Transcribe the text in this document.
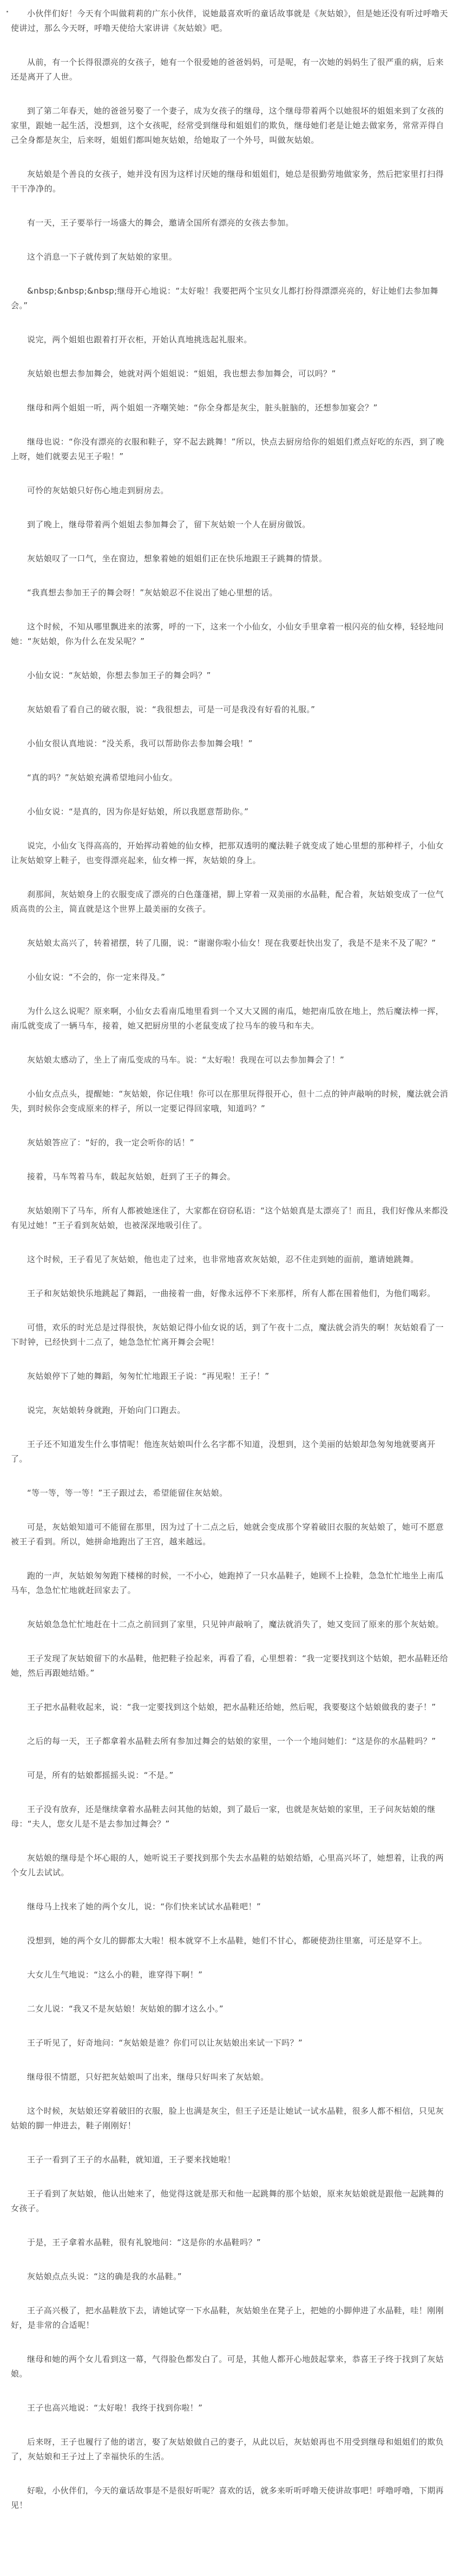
小伙伴们好！今天有个叫做莉莉的广东小伙伴，说她最喜欢听的童话故事就是《灰姑娘》，但是她还没有听过呼噜天使讲过，那么今天呀，呼噜天使给大家讲讲《灰姑娘》吧。

从前，有一个长得很漂亮的女孩子，她有一个很爱她的爸爸妈妈，可是呢，有一次她的妈妈生了很严重的病，后来还是离开了人世。

到了第二年春天，她的爸爸另娶了一个妻子，成为女孩子的继母，这个继母带着两个以她很坏的姐姐来到了女孩的家里，跟她一起生活，没想到，这个女孩呢，经常受到继母和姐姐们的欺负，继母她们老是让她去做家务，常常弄得自己全身都是灰尘，后来呀，姐姐们都叫她灰姑娘，给她取了一个外号，叫做灰姑娘。

灰姑娘是个善良的女孩子，她并没有因为这样讨厌她的继母和姐姐们，她总是很勤劳地做家务，然后把家里打扫得干干净净的。

有一天，王子要举行一场盛大的舞会，邀请全国所有漂亮的女孩去参加。

这个消息一下子就传到了灰姑娘的家里。

&nbsp;&nbsp;&nbsp;继母开心地说：“太好啦！我要把两个宝贝女儿都打扮得漂漂亮亮的，好让她们去参加舞会。”

说完，两个姐姐也跟着打开衣柜，开始认真地挑选起礼服来。

灰姑娘也想去参加舞会，她就对两个姐姐说：“姐姐，我也想去参加舞会，可以吗？”

继母和两个姐姐一听，两个姐姐一齐嘲笑她：“你全身都是灰尘，脏头脏脑的，还想参加宴会？”

继母也说：“你没有漂亮的衣服和鞋子，穿不起去跳舞！”所以，快点去厨房给你的姐姐们煮点好吃的东西，到了晚上呀，她们就要去见王子啦！”

可怜的灰姑娘只好伤心地走到厨房去。

到了晚上，继母带着两个姐姐去参加舞会了，留下灰姑娘一个人在厨房做饭。

灰姑娘叹了一口气，坐在窗边，想象着她的姐姐们正在快乐地跟王子跳舞的情景。

“我真想去参加王子的舞会呀！”灰姑娘忍不住说出了她心里想的话。

这个时候，不知从哪里飘进来的浓雾，呼的一下，这来一个小仙女，小仙女手里拿着一根闪亮的仙女棒，轻轻地问她：“灰姑娘，你为什么在发呆呢？”

小仙女说：“灰姑娘，你想去参加王子的舞会吗？”

灰姑娘看了看自己的破衣服，说：“我很想去，可是一可是我没有好看的礼服。”

小仙女很认真地说：“没关系，我可以帮助你去参加舞会哦！”

“真的吗？”灰姑娘充满希望地问小仙女。

小仙女说：“是真的，因为你是好姑娘，所以我愿意帮助你。”

说完，小仙女飞得高高的，开始挥动着她的仙女棒，把那双透明的魔法鞋子就变成了她心里想的那种样子，小仙女让灰姑娘穿上鞋子，也变得漂亮起来，仙女棒一挥，灰姑娘的身上。

刹那间，灰姑娘身上的衣服变成了漂亮的白色蓬蓬裙，脚上穿着一双美丽的水晶鞋，配合着，灰姑娘变成了一位气质高贵的公主，简直就是这个世界上最美丽的女孩子。

灰姑娘太高兴了，转着裙摆，转了几圈，说：“谢谢你啦小仙女！现在我要赶快出发了，我是不是来不及了呢？”

小仙女说：“不会的，你一定来得及。”

为什么这么说呢？原来啊，小仙女去看南瓜地里看到一个又大又圆的南瓜，她把南瓜放在地上，然后魔法棒一挥，南瓜就变成了一辆马车，接着，她又把厨房里的小老鼠变成了拉马车的骏马和车夫。

灰姑娘太感动了，坐上了南瓜变成的马车。说：“太好啦！我现在可以去参加舞会了！”

小仙女点点头，提醒她：“灰姑娘，你记住哦！你可以在那里玩得很开心，但十二点的钟声敲响的时候，魔法就会消失，到时候你会变成原来的样子，所以一定要记得回家哦，知道吗？”

灰姑娘答应了：“好的，我一定会听你的话！”

接着，马车驾着马车，载起灰姑娘，赶到了王子的舞会。

灰姑娘刚下了马车，所有人都被她迷住了，大家都在窃窃私语：“这个姑娘真是太漂亮了！而且，我们好像从来都没有见过她！”王子看到灰姑娘，也被深深地吸引住了。

这个时候，王子看见了灰姑娘，他也走了过来，也非常地喜欢灰姑娘，忍不住走到她的面前，邀请她跳舞。

王子和灰姑娘快乐地跳起了舞蹈，一曲接着一曲，好像永远停不下来那样，所有人都在围着他们，为他们喝彩。

可惜，欢乐的时光总是过得很快，灰姑娘记得小仙女说的话，到了午夜十二点，魔法就会消失的啊！灰姑娘看了一下时钟，已经快到十二点了，她急急忙忙离开舞会会呢！

灰姑娘停下了她的舞蹈，匆匆忙忙地跟王子说：“再见啦！王子！”

说完，灰姑娘转身就跑，开始向门口跑去。

王子还不知道发生什么事情呢！他连灰姑娘叫什么名字都不知道，没想到，这个美丽的姑娘却急匆匆地就要离开了。

“等一等，等一等！”王子跟过去，希望能留住灰姑娘。

可是，灰姑娘知道可不能留在那里，因为过了十二点之后，她就会变成那个穿着破旧衣服的灰姑娘了，她可不愿意被王子看到。所以，她拼命地跑出了王宫，越来越远。

跑的一声，灰姑娘匆匆跑下楼梯的时候，一不小心，她跑掉了一只水晶鞋子，她顾不上捡鞋，急急忙忙地坐上南瓜马车，急急忙忙地就赶回家去了。

灰姑娘急急忙忙地赶在十二点之前回到了家里，只见钟声敲响了，魔法就消失了，她又变回了原来的那个灰姑娘。

王子发现了灰姑娘留下的水晶鞋，他把鞋子捡起来，再看了看，心里想着：“我一定要找到这个姑娘，把水晶鞋还给她，然后再跟她结婚。”

王子把水晶鞋收起来，说：“我一定要找到这个姑娘，把水晶鞋还给她，然后呢，我要娶这个姑娘做我的妻子！”

之后的每一天，王子都拿着水晶鞋去所有参加过舞会的姑娘的家里，一个一个地问她们：“这是你的水晶鞋吗？”

可是，所有的姑娘都摇摇头说：“不是。”

王子没有放弃，还是继续拿着水晶鞋去问其他的姑娘，到了最后一家，也就是灰姑娘的家里，王子问灰姑娘的继母：“夫人，您女儿是不是去参加过舞会？”

灰姑娘的继母是个坏心眼的人，她听说王子要找到那个失去水晶鞋的姑娘结婚，心里高兴坏了，她想着，让我的两个女儿去试试。

继母马上找来了她的两个女儿，说：“你们快来试试水晶鞋吧！”

没想到，她的两个女儿的脚都太大啦！根本就穿不上水晶鞋，她们不甘心，都硬使劲往里塞，可还是穿不上。

大女儿生气地说：“这么小的鞋，谁穿得下啊！”

二女儿说：“我又不是灰姑娘！灰姑娘的脚才这么小。”

王子听见了，好奇地问：“灰姑娘是谁？你们可以让灰姑娘出来试一下吗？”

继母很不情愿，只好把灰姑娘叫了出来，继母只好叫来了灰姑娘。

这个时候，灰姑娘还穿着破旧的衣服，脸上也满是灰尘，但王子还是让她试一试水晶鞋，很多人都不相信，只见灰姑娘的脚一伸进去，鞋子刚刚好！

王子一看到了王子的水晶鞋，就知道，王子要来找她啦！

王子看到了灰姑娘，他认出她来了，他觉得这就是那天和他一起跳舞的那个姑娘，原来灰姑娘就是跟他一起跳舞的女孩子。

于是，王子拿着水晶鞋，很有礼貌地问：“这是你的水晶鞋吗？”

灰姑娘点点头说：“这的确是我的水晶鞋。”

王子高兴极了，把水晶鞋放下去，请她试穿一下水晶鞋，灰姑娘坐在凳子上，把她的小脚伸进了水晶鞋，哇！刚刚好，是非常的合适呢！

继母和她的两个女儿看到这一幕，气得脸色都发白了。可是，其他人都开心地鼓起掌来，恭喜王子终于找到了灰姑娘。

王子也高兴地说：“太好啦！我终于找到你啦！”

后来呀，王子也履行了他的诺言，娶了灰姑娘做自己的妻子，从此以后，灰姑娘再也不用受到继母和姐姐们的欺负了，灰姑娘和王子过上了幸福快乐的生活。

好啦，小伙伴们，今天的童话故事是不是很好听呢？喜欢的话，就多来听听呼噜天使讲故事吧！呼噜呼噜，下期再见！
